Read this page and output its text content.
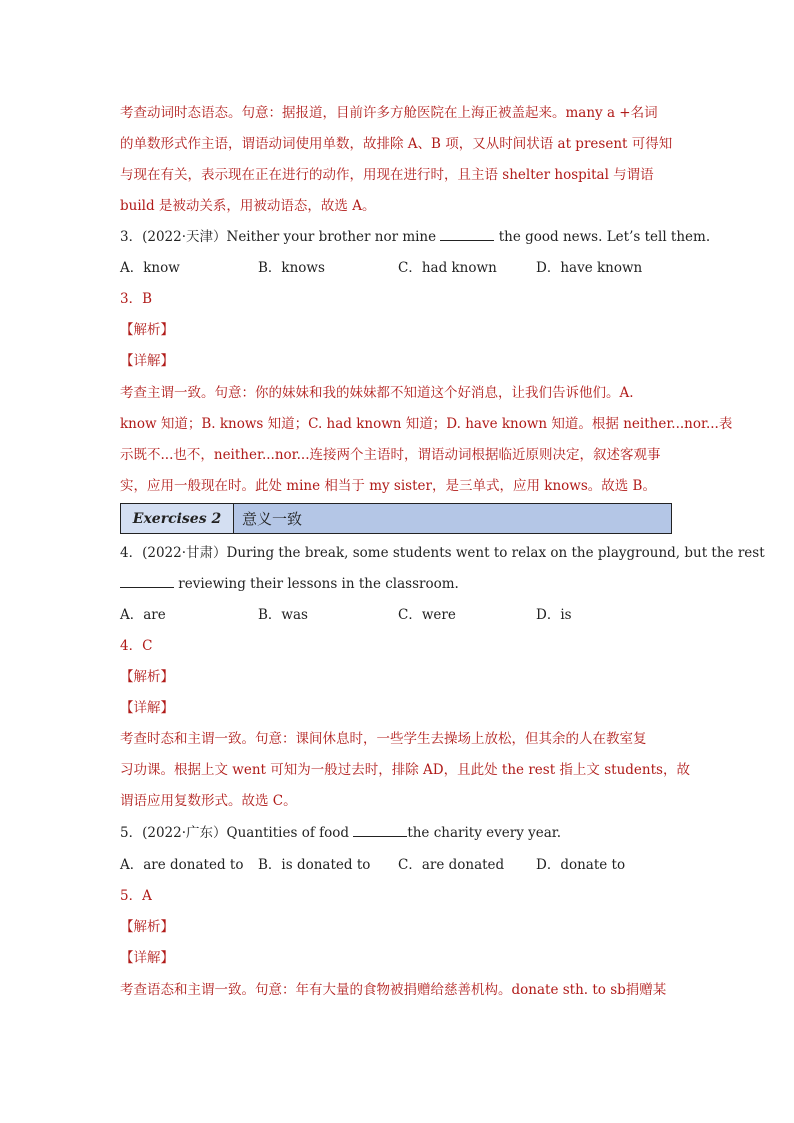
考查动词时态语态。句意：据报道，目前许多方舱医院在上海正被盖起来。many a +名词
的单数形式作主语，谓语动词使用单数，故排除 A、B 项，又从时间状语 at present 可得知
与现在有关，表示现在正在进行的动作，用现在进行时，且主语 shelter hospital 与谓语
build 是被动关系，用被动语态，故选 A。
3．(2022·天津）Neither your brother nor mine	the good news. Let’s tell them.
A．know	B．knows	C．had known	D．have known
3．B
【解析】
【详解】
考查主谓一致。句意：你的妹妹和我的妹妹都不知道这个好消息，让我们告诉他们。A.
know 知道；B. knows 知道；C. had known 知道；D. have known 知道。根据 neither...nor...表
示既不...也不，neither...nor...连接两个主语时，谓语动词根据临近原则决定，叙述客观事
实，应用一般现在时。此处 mine 相当于 my sister，是三单式，应用 knows。故选 B。
Exercises 2	意义一致
4．(2022·甘肃）During the break, some students went to relax on the playground, but the rest
reviewing their lessons in the classroom.
A．are	B．was	C．were	D．is
4．C
【解析】
【详解】
考查时态和主谓一致。句意：课间休息时，一些学生去操场上放松，但其余的人在教室复
习功课。根据上文 went 可知为一般过去时，排除 AD，且此处 the rest 指上文 students，故
谓语应用复数形式。故选 C。
5．(2022·广东）Quantities of food	the charity every year.
A．are donated to B．is donated to C．are donated D．donate to
5．A
【解析】
【详解】
考查语态和主谓一致。句意：年有大量的食物被捐赠给慈善机构。donate sth. to sb捐赠某
